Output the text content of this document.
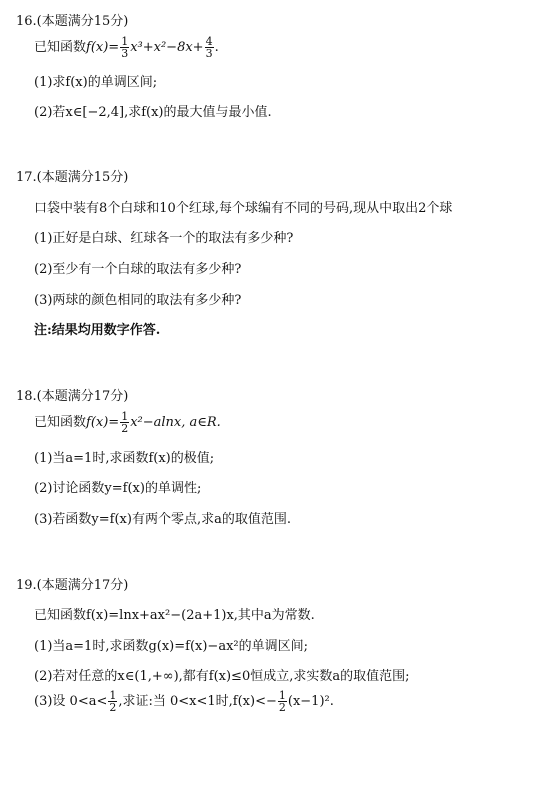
16.(本题满分15分)
已知函数$f(x)= \frac{1}{3} x^3+x^2-8x+ \frac{4}{3}$ .
(1)求f(x)的单调区间;
(2)若x∈[−2,4],求f(x)的最大值与最小值.
17.(本题满分15分)
口袋中装有8个白球和10个红球,每个球编有不同的号码,现从中取出2个球
(1)正好是白球、红球各一个的取法有多少种?
(2)至少有一个白球的取法有多少种?
(3)两球的颜色相同的取法有多少种?
注:结果均用数字作答.
18.(本题满分17分)
已知函数$f(x)= \frac{1}{2} x^2-alnx$, a∈R.
(1)当a=1时,求函数f(x)的极值;
(2)讨论函数y=f(x)的单调性;
(3)若函数y=f(x)有两个零点,求a的取值范围.
19.(本题满分17分)
已知函数f(x)=lnx+ax²−(2a+1)x,其中a为常数.
(1)当a=1时,求函数g(x)=f(x)−ax²的单调区间;
(2)若对任意的x∈(1,+∞),都有f(x)≤0恒成立,求实数a的取值范围;
(3)设 $0<a< \frac{1}{2}$ ,求证:当 0<x<1时$,f(x)<- \frac{1}{2} (x-1)^2$.
